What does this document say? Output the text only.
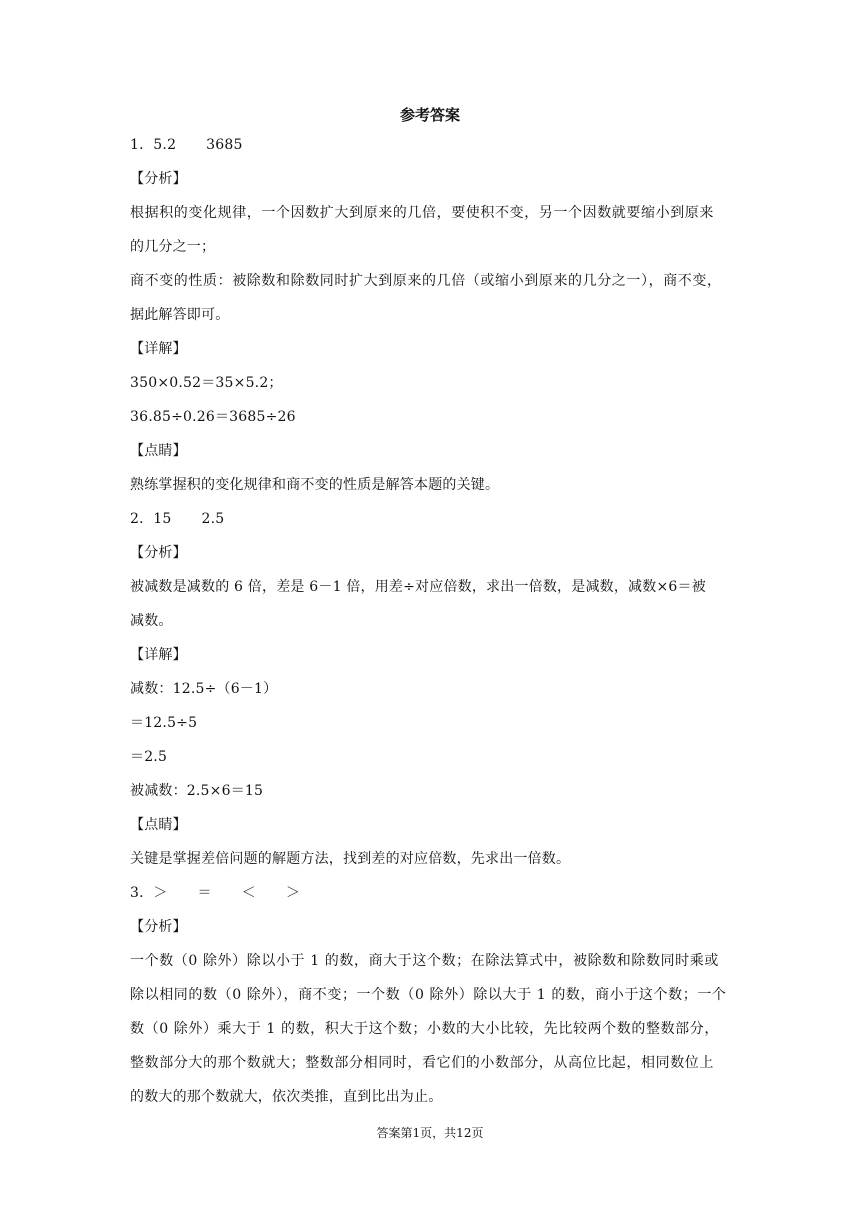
参考答案
1．5.2 3685
【分析】
根据积的变化规律，一个因数扩大到原来的几倍，要使积不变，另一个因数就要缩小到原来
的几分之一；
商不变的性质：被除数和除数同时扩大到原来的几倍（或缩小到原来的几分之一），商不变，
据此解答即可。
【详解】
350×0.52＝35×5.2；
36.85÷0.26＝3685÷26
【点睛】
熟练掌握积的变化规律和商不变的性质是解答本题的关键。
2．15 2.5
【分析】
被减数是减数的 6 倍，差是 6－1 倍，用差÷对应倍数，求出一倍数，是减数，减数×6＝被
减数。
【详解】
减数：12.5÷（6－1）
＝12.5÷5
＝2.5
被减数：2.5×6＝15
【点睛】
关键是掌握差倍问题的解题方法，找到差的对应倍数，先求出一倍数。
3．＞ ＝ ＜ ＞
【分析】
一个数（0 除外）除以小于 1 的数，商大于这个数；在除法算式中，被除数和除数同时乘或
除以相同的数（0 除外），商不变；一个数（0 除外）除以大于 1 的数，商小于这个数；一个
数（0 除外）乘大于 1 的数，积大于这个数；小数的大小比较，先比较两个数的整数部分，
整数部分大的那个数就大；整数部分相同时，看它们的小数部分，从高位比起，相同数位上
的数大的那个数就大，依次类推，直到比出为止。
答案第1页，共12页
